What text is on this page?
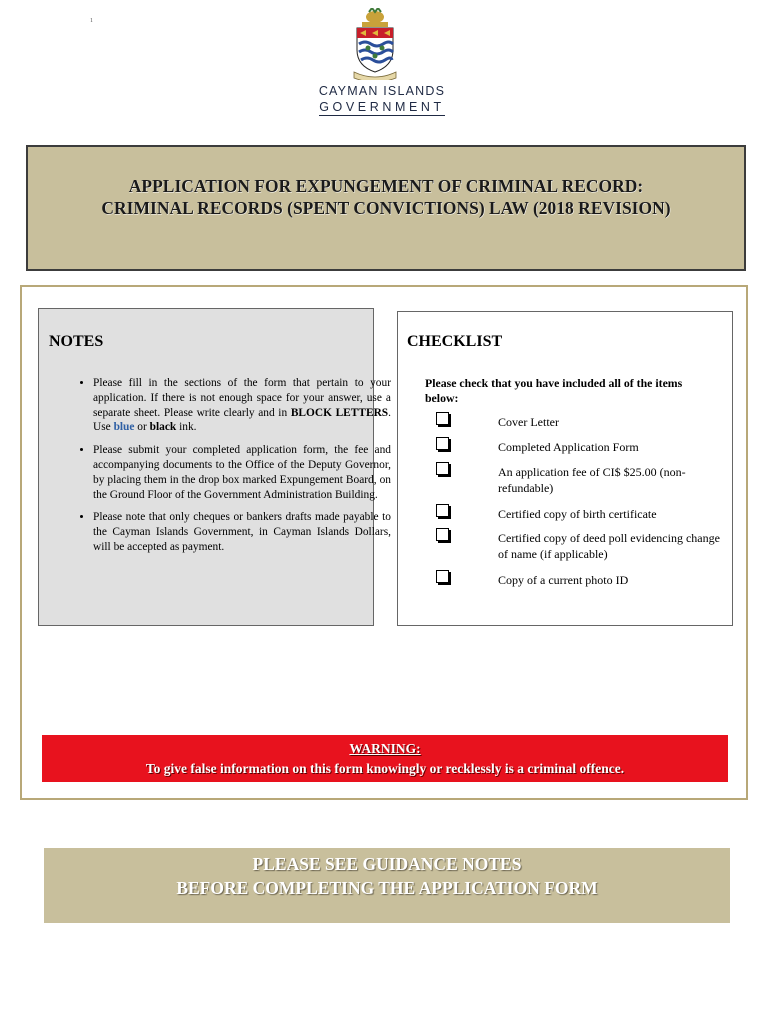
1
CAYMAN ISLANDS
GOVERNMENT
APPLICATION FOR EXPUNGEMENT OF CRIMINAL RECORD:
CRIMINAL RECORDS (SPENT CONVICTIONS) LAW (2018 REVISION)
NOTES
• Please fill in the sections of the form that pertain to your application. If there is not enough space for your answer, use a separate sheet. Please write clearly and in BLOCK LETTERS. Use blue or black ink.
• Please submit your completed application form, the fee and accompanying documents to the Office of the Deputy Governor, by placing them in the drop box marked Expungement Board, on the Ground Floor of the Government Administration Building.
• Please note that only cheques or bankers drafts made payable to the Cayman Islands Government, in Cayman Islands Dollars, will be accepted as payment.
CHECKLIST
Please check that you have included all of the items below:
Cover Letter
Completed Application Form
An application fee of CI$ $25.00 (non-refundable)
Certified copy of birth certificate
Certified copy of deed poll evidencing change of name (if applicable)
Copy of a current photo ID
WARNING:
To give false information on this form knowingly or recklessly is a criminal offence.
PLEASE SEE GUIDANCE NOTES
BEFORE COMPLETING THE APPLICATION FORM
